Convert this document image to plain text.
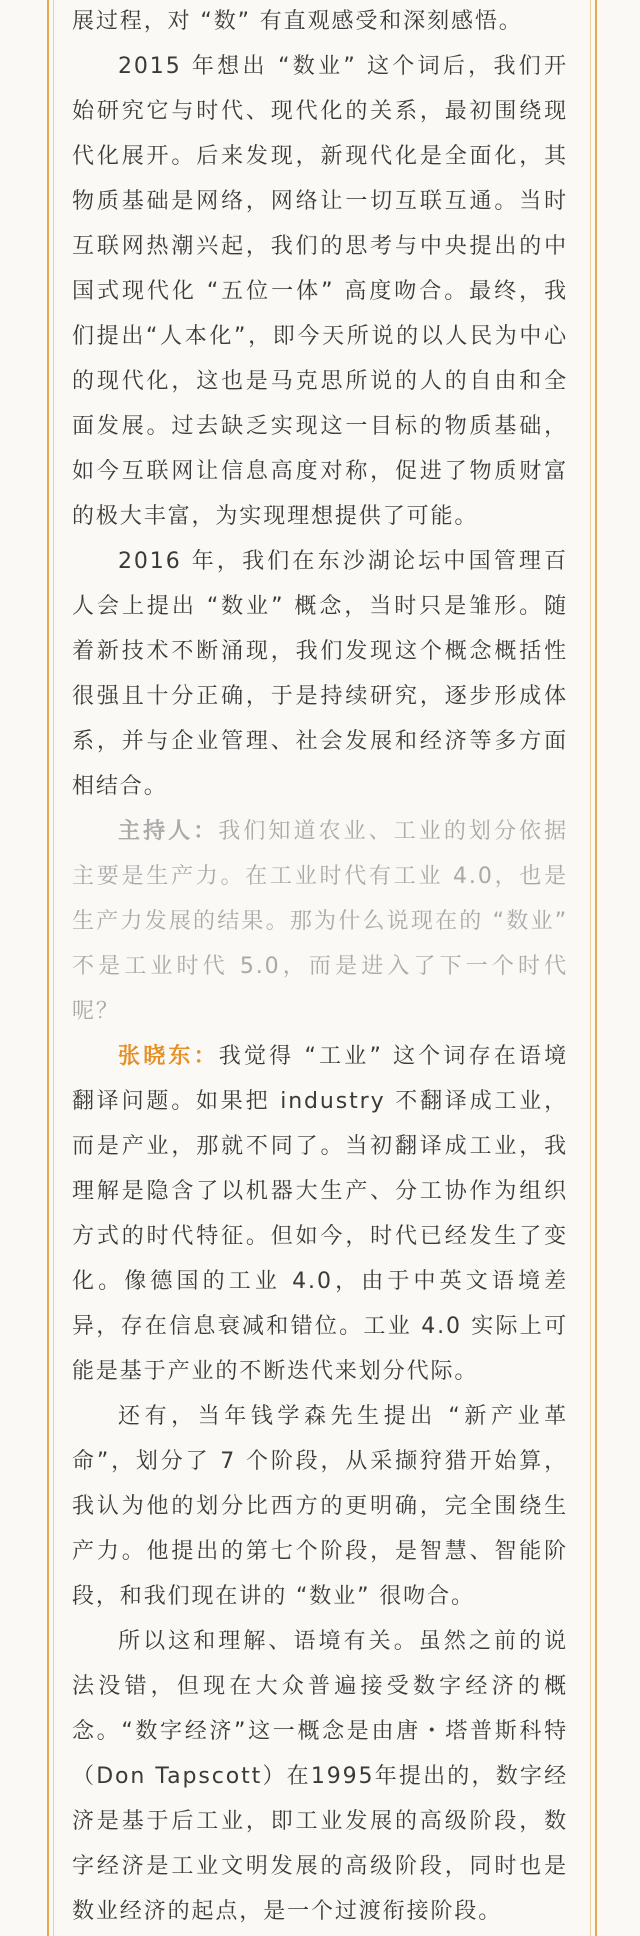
展过程，对 “数” 有直观感受和深刻感悟。

2015 年想出 “数业” 这个词后，我们开始研究它与时代、现代化的关系，最初围绕现代化展开。后来发现，新现代化是全面化，其物质基础是网络，网络让一切互联互通。当时互联网热潮兴起，我们的思考与中央提出的中国式现代化 “五位一体” 高度吻合。最终，我们提出“人本化”，即今天所说的以人民为中心的现代化，这也是马克思所说的人的自由和全面发展。过去缺乏实现这一目标的物质基础，如今互联网让信息高度对称，促进了物质财富的极大丰富，为实现理想提供了可能。

2016 年，我们在东沙湖论坛中国管理百人会上提出 “数业” 概念，当时只是雏形。随着新技术不断涌现，我们发现这个概念概括性很强且十分正确，于是持续研究，逐步形成体系，并与企业管理、社会发展和经济等多方面相结合。

主持人：我们知道农业、工业的划分依据主要是生产力。在工业时代有工业 4.0，也是生产力发展的结果。那为什么说现在的 “数业” 不是工业时代 5.0，而是进入了下一个时代呢？

张晓东：我觉得 “工业” 这个词存在语境翻译问题。如果把 industry 不翻译成工业，而是产业，那就不同了。当初翻译成工业，我理解是隐含了以机器大生产、分工协作为组织方式的时代特征。但如今，时代已经发生了变化。像德国的工业 4.0，由于中英文语境差异，存在信息衰减和错位。工业 4.0 实际上可能是基于产业的不断迭代来划分代际。

还有，当年钱学森先生提出 “新产业革命”，划分了 7 个阶段，从采撷狩猎开始算，我认为他的划分比西方的更明确，完全围绕生产力。他提出的第七个阶段，是智慧、智能阶段，和我们现在讲的 “数业” 很吻合。

所以这和理解、语境有关。虽然之前的说法没错，但现在大众普遍接受数字经济的概念。“数字经济”这一概念是由唐・塔普斯科特（Don Tapscott）在1995年提出的，数字经济是基于后工业，即工业发展的高级阶段，数字经济是工业文明发展的高级阶段，同时也是数业经济的起点，是一个过渡衔接阶段。
